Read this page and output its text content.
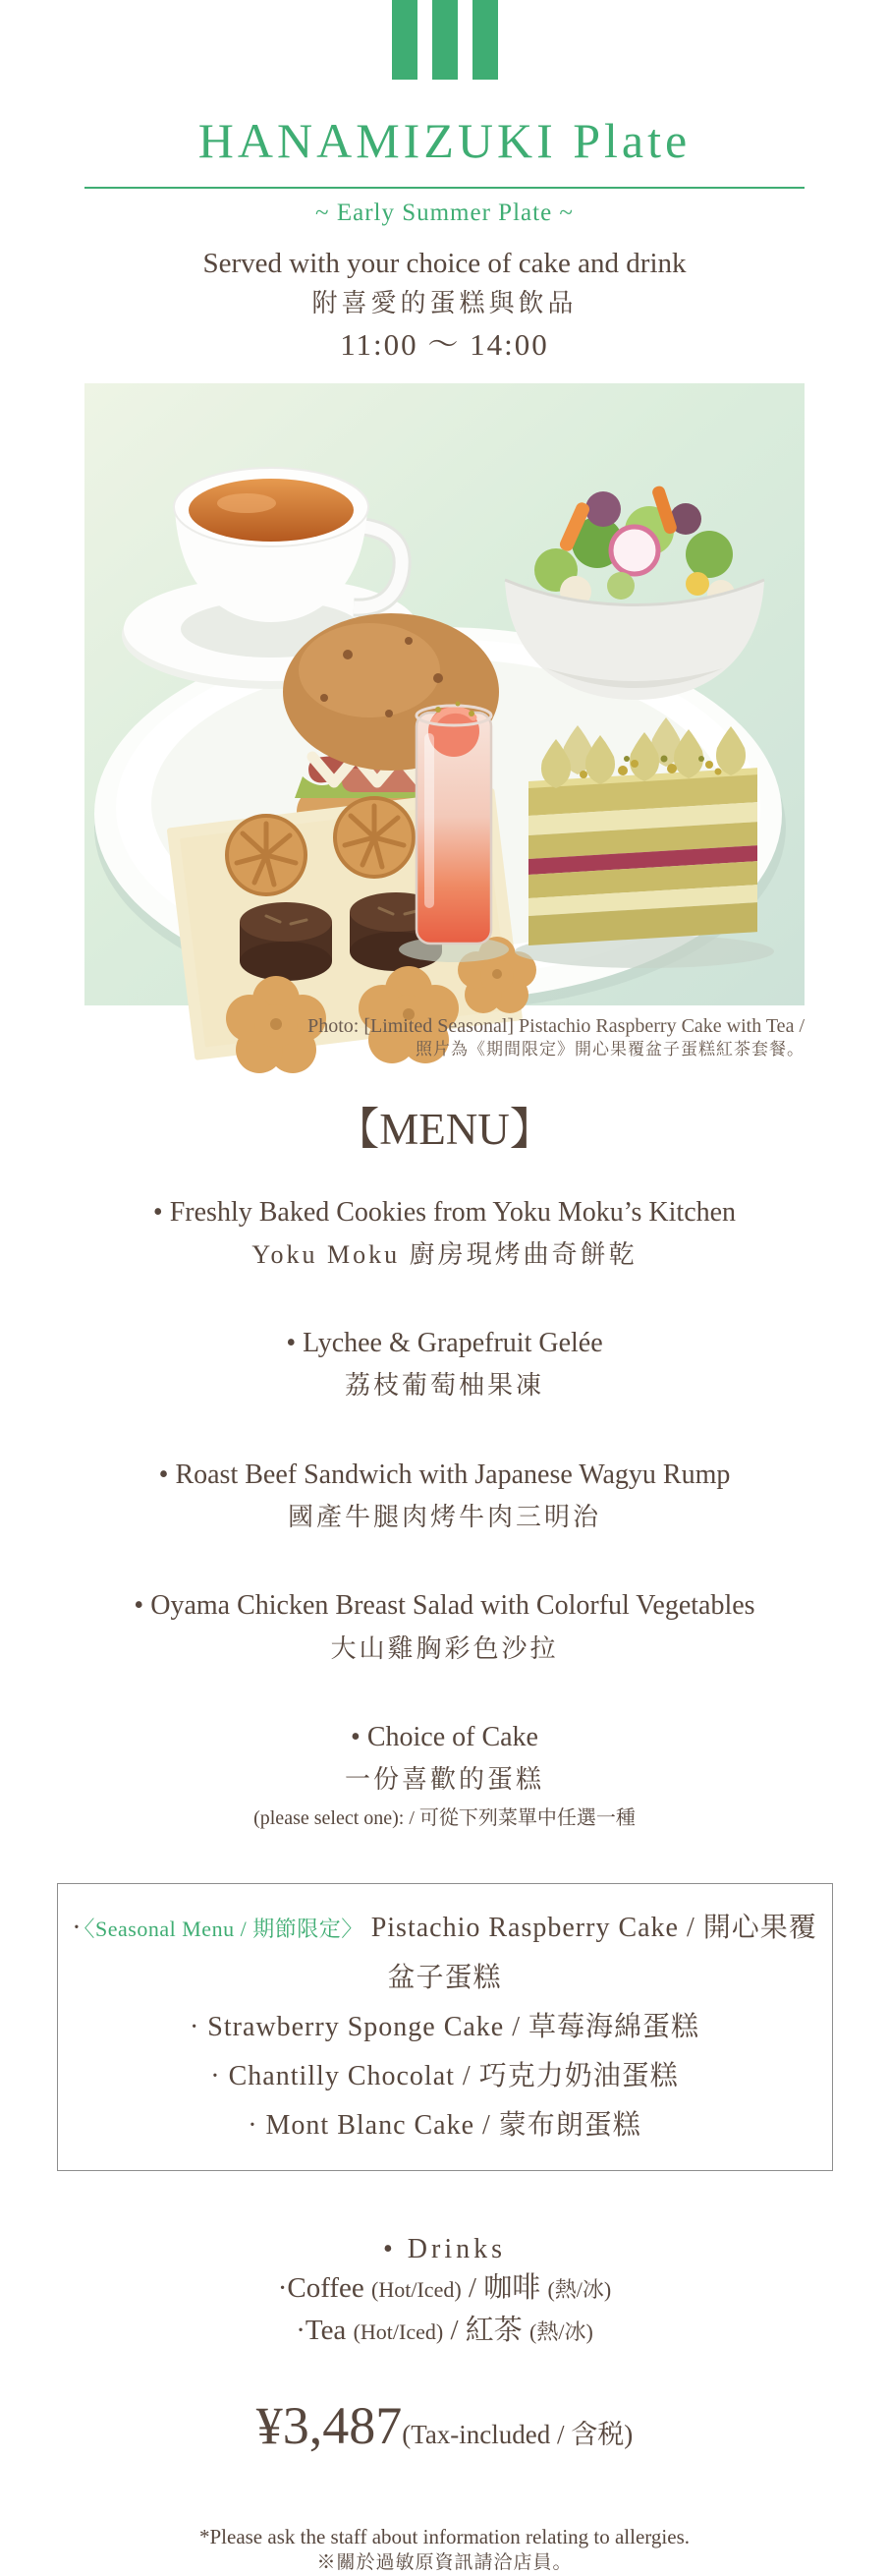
HANAMIZUKI Plate
~ Early Summer Plate ~
Served with your choice of cake and drink
附喜愛的蛋糕與飲品
11:00 ～ 14:00
Photo: [Limited Seasonal] Pistachio Raspberry Cake with Tea /
照片為《期間限定》開心果覆盆子蛋糕紅茶套餐。
【MENU】
• Freshly Baked Cookies from Yoku Moku’s Kitchen
Yoku Moku 廚房現烤曲奇餅乾
• Lychee & Grapefruit Gelée
荔枝葡萄柚果凍
• Roast Beef Sandwich with Japanese Wagyu Rump
國產牛腿肉烤牛肉三明治
• Oyama Chicken Breast Salad with Colorful Vegetables
大山雞胸彩色沙拉
• Choice of Cake
一份喜歡的蛋糕
(please select one): / 可從下列菜單中任選一種
·〈Seasonal Menu / 期節限定〉 Pistachio Raspberry Cake / 開心果覆盆子蛋糕
· Strawberry Sponge Cake / 草莓海綿蛋糕
· Chantilly Chocolat / 巧克力奶油蛋糕
· Mont Blanc Cake / 蒙布朗蛋糕
• Drinks
·Coffee (Hot/Iced) / 咖啡 (熱/冰)
·Tea (Hot/Iced) / 紅茶 (熱/冰)
¥3,487(Tax-included / 含税)
*Please ask the staff about information relating to allergies.
※關於過敏原資訊請洽店員。
